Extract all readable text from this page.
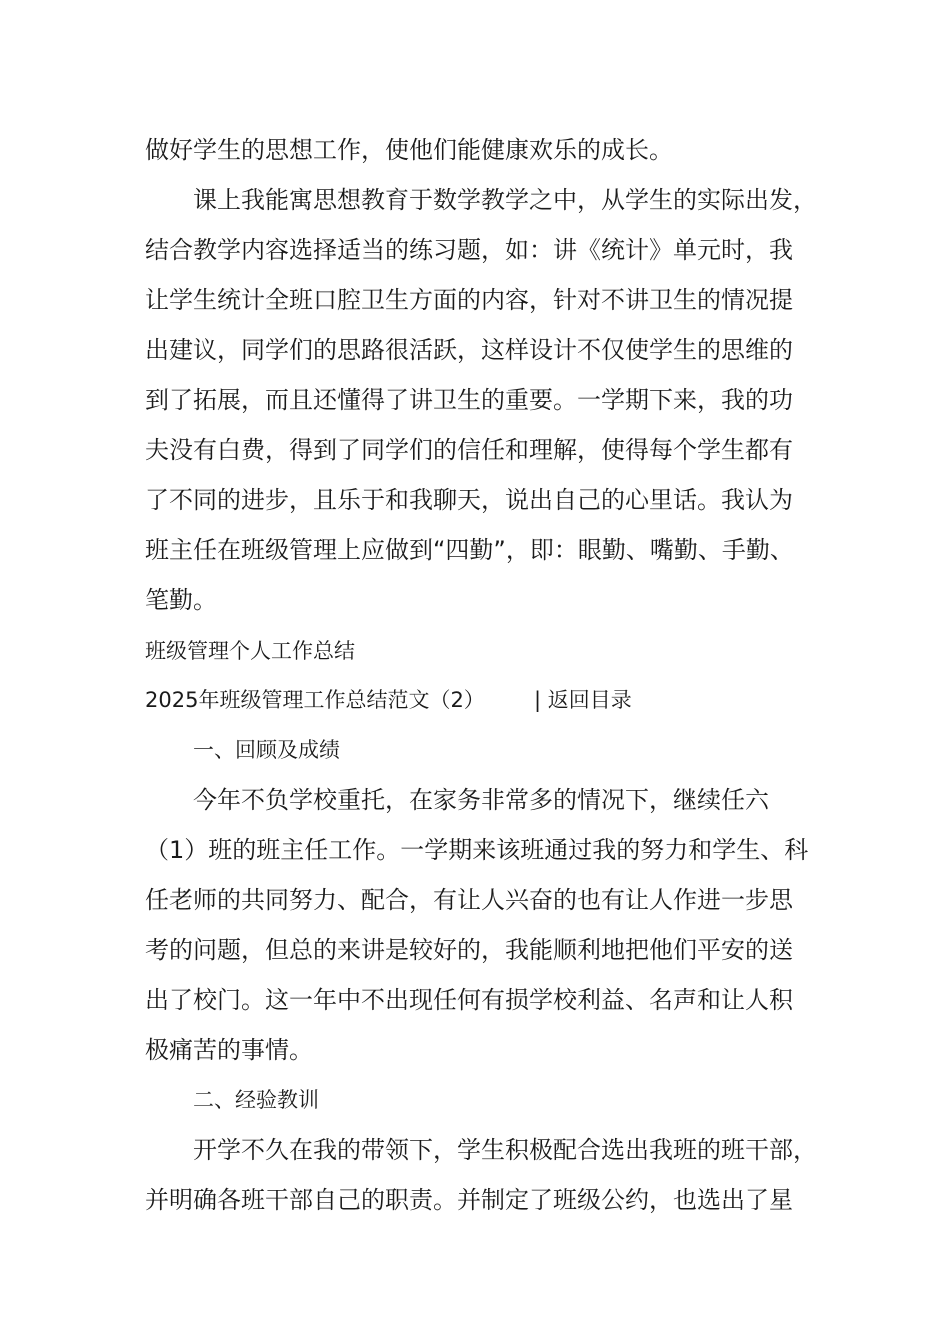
做好学生的思想工作，使他们能健康欢乐的成长。
课上我能寓思想教育于数学教学之中，从学生的实际出发，
结合教学内容选择适当的练习题，如：讲《统计》单元时，我
让学生统计全班口腔卫生方面的内容，针对不讲卫生的情况提
出建议，同学们的思路很活跃，这样设计不仅使学生的思维的
到了拓展，而且还懂得了讲卫生的重要。一学期下来，我的功
夫没有白费，得到了同学们的信任和理解，使得每个学生都有
了不同的进步，且乐于和我聊天，说出自己的心里话。我认为
班主任在班级管理上应做到“四勤”，即：眼勤、嘴勤、手勤、
笔勤。
班级管理个人工作总结
2025年班级管理工作总结范文（2） | 返回目录
一、回顾及成绩
今年不负学校重托，在家务非常多的情况下，继续任六
（1）班的班主任工作。一学期来该班通过我的努力和学生、科
任老师的共同努力、配合，有让人兴奋的也有让人作进一步思
考的问题，但总的来讲是较好的，我能顺利地把他们平安的送
出了校门。这一年中不出现任何有损学校利益、名声和让人积
极痛苦的事情。
二、经验教训
开学不久在我的带领下，学生积极配合选出我班的班干部，
并明确各班干部自己的职责。并制定了班级公约，也选出了星
